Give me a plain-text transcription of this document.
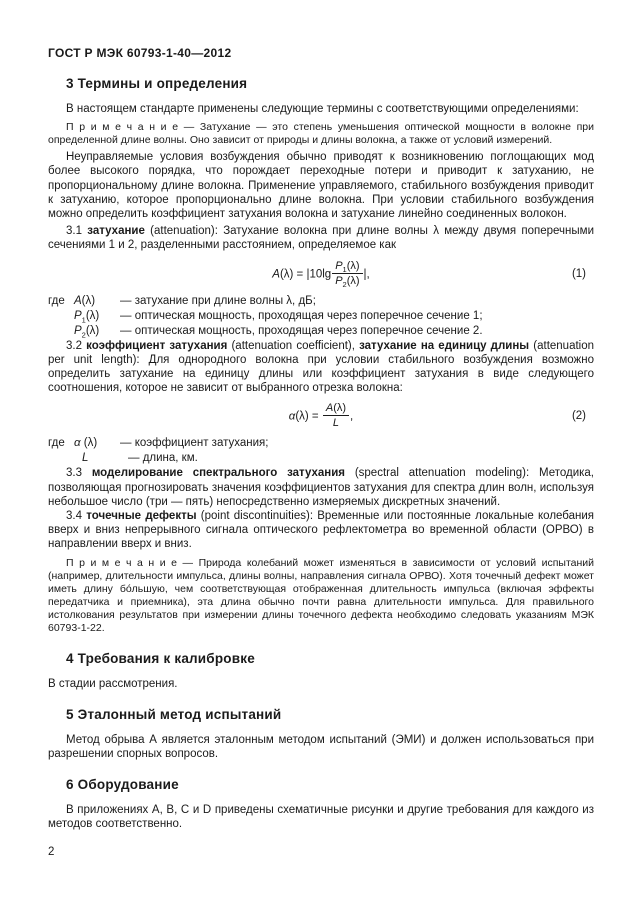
ГОСТ Р МЭК 60793-1-40—2012
3 Термины и определения

В настоящем стандарте применены следующие термины с соответствующими определениями:

П р и м е ч а н и е — Затухание — это степень уменьшения оптической мощности в волокне при определенной длине волны. Оно зависит от природы и длины волокна, а также от условий измерений.

Неуправляемые условия возбуждения обычно приводят к возникновению поглощающих мод более высокого порядка, что порождает переходные потери и приводит к затуханию, не пропорциональному длине волокна. Применение управляемого, стабильного возбуждения приводит к затуханию, которое пропорционально длине волокна. При условии стабильного возбуждения можно определить коэффициент затухания волокна и затухание линейно соединенных волокон.

3.1 затухание (attenuation): Затухание волокна при длине волны λ между двумя поперечными сечениями 1 и 2, разделенными расстоянием, определяемое как

$A(\lambda) = |10\lg \frac{P_1(\lambda)}{P_2(\lambda)}$ |,	(1)
где A(λ) — затухание при длине волны λ, дБ;
$P_1(\lambda)$ — оптическая мощность, проходящая через поперечное сечение 1;
$P_2(\lambda)$ — оптическая мощность, проходящая через поперечное сечение 2.

3.2 коэффициент затухания (attenuation coefficient), затухание на единицу длины (attenuation per unit length): Для однородного волокна при условии стабильного возбуждения возможно определить затухание на единицу длины или коэффициент затухания в виде следующего соотношения, которое не зависит от выбранного отрезка волокна:

$\alpha(\lambda) = \frac{A(\lambda)}{L}$ ,	(2)
где α (λ) — коэффициент затухания;
L	— длина, км.

3.3 моделирование спектрального затухания (spectral attenuation modeling): Методика, позволяющая прогнозировать значения коэффициентов затухания для спектра длин волн, используя небольшое число (три — пять) непосредственно измеряемых дискретных значений.

3.4 точечные дефекты (point discontinuities): Временные или постоянные локальные колебания вверх и вниз непрерывного сигнала оптического рефлектометра во временной области (ОРВО) в направлении вверх и вниз.

П р и м е ч а н и е — Природа колебаний может изменяться в зависимости от условий испытаний (например, длительности импульса, длины волны, направления сигнала ОРВО). Хотя точечный дефект может иметь длину бо́льшую, чем соответствующая отображенная длительность импульса (включая эффекты передатчика и приемника), эта длина обычно почти равна длительности импульса. Для правильного истолкования результатов при измерении длины точечного дефекта необходимо следовать указаниям МЭК 60793-1-22.

4 Требования к калибровке

В стадии рассмотрения.

5 Эталонный метод испытаний

Метод обрыва А является эталонным методом испытаний (ЭМИ) и должен использоваться при разрешении спорных вопросов.

6 Оборудование

В приложениях A, B, C и D приведены схематичные рисунки и другие требования для каждого из методов соответственно.

2
